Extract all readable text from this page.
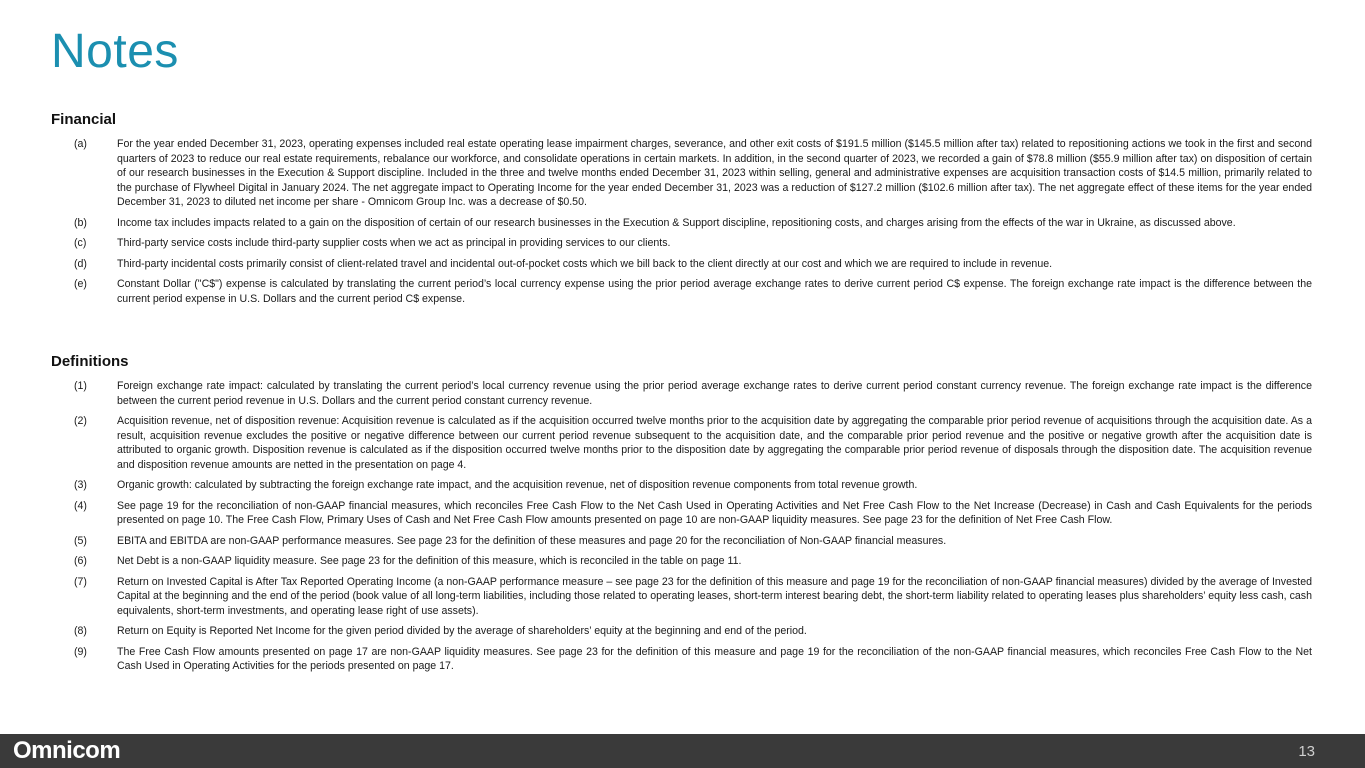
Notes
Financial
(a)	For the year ended December 31, 2023, operating expenses included real estate operating lease impairment charges, severance, and other exit costs of $191.5 million ($145.5 million after tax) related to repositioning actions we took in the first and second quarters of 2023 to reduce our real estate requirements, rebalance our workforce, and consolidate operations in certain markets. In addition, in the second quarter of 2023, we recorded a gain of $78.8 million ($55.9 million after tax) on disposition of certain of our research businesses in the Execution & Support discipline. Included in the three and twelve months ended December 31, 2023 within selling, general and administrative expenses are acquisition transaction costs of $14.5 million, primarily related to the purchase of Flywheel Digital in January 2024. The net aggregate impact to Operating Income for the year ended December 31, 2023 was a reduction of $127.2 million ($102.6 million after tax). The net aggregate effect of these items for the year ended December 31, 2023 to diluted net income per share - Omnicom Group Inc. was a decrease of $0.50.
(b)	Income tax includes impacts related to a gain on the disposition of certain of our research businesses in the Execution & Support discipline, repositioning costs, and charges arising from the effects of the war in Ukraine, as discussed above.
(c)	Third-party service costs include third-party supplier costs when we act as principal in providing services to our clients.
(d)	Third-party incidental costs primarily consist of client-related travel and incidental out-of-pocket costs which we bill back to the client directly at our cost and which we are required to include in revenue.
(e)	Constant Dollar ("C$") expense is calculated by translating the current period’s local currency expense using the prior period average exchange rates to derive current period C$ expense. The foreign exchange rate impact is the difference between the current period expense in U.S. Dollars and the current period C$ expense.
Definitions
(1)	Foreign exchange rate impact: calculated by translating the current period’s local currency revenue using the prior period average exchange rates to derive current period constant currency revenue. The foreign exchange rate impact is the difference between the current period revenue in U.S. Dollars and the current period constant currency revenue.
(2)	Acquisition revenue, net of disposition revenue: Acquisition revenue is calculated as if the acquisition occurred twelve months prior to the acquisition date by aggregating the comparable prior period revenue of acquisitions through the acquisition date. As a result, acquisition revenue excludes the positive or negative difference between our current period revenue subsequent to the acquisition date, and the comparable prior period revenue and the positive or negative growth after the acquisition date is attributed to organic growth. Disposition revenue is calculated as if the disposition occurred twelve months prior to the disposition date by aggregating the comparable prior period revenue of disposals through the disposition date. The acquisition revenue and disposition revenue amounts are netted in the presentation on page 4.
(3)	Organic growth: calculated by subtracting the foreign exchange rate impact, and the acquisition revenue, net of disposition revenue components from total revenue growth.
(4)	See page 19 for the reconciliation of non-GAAP financial measures, which reconciles Free Cash Flow to the Net Cash Used in Operating Activities and Net Free Cash Flow to the Net Increase (Decrease) in Cash and Cash Equivalents for the periods presented on page 10. The Free Cash Flow, Primary Uses of Cash and Net Free Cash Flow amounts presented on page 10 are non-GAAP liquidity measures. See page 23 for the definition of Net Free Cash Flow.
(5)	EBITA and EBITDA are non-GAAP performance measures. See page 23 for the definition of these measures and page 20 for the reconciliation of Non-GAAP financial measures.
(6)	Net Debt is a non-GAAP liquidity measure. See page 23 for the definition of this measure, which is reconciled in the table on page 11.
(7)	Return on Invested Capital is After Tax Reported Operating Income (a non-GAAP performance measure – see page 23 for the definition of this measure and page 19 for the reconciliation of non-GAAP financial measures) divided by the average of Invested Capital at the beginning and the end of the period (book value of all long-term liabilities, including those related to operating leases, short-term interest bearing debt, the short-term liability related to operating leases plus shareholders’ equity less cash, cash equivalents, short-term investments, and operating lease right of use assets).
(8)	Return on Equity is Reported Net Income for the given period divided by the average of shareholders’ equity at the beginning and end of the period.
(9)	The Free Cash Flow amounts presented on page 17 are non-GAAP liquidity measures. See page 23 for the definition of this measure and page 19 for the reconciliation of the non-GAAP financial measures, which reconciles Free Cash Flow to the Net Cash Used in Operating Activities for the periods presented on page 17.
Omnicom	13
